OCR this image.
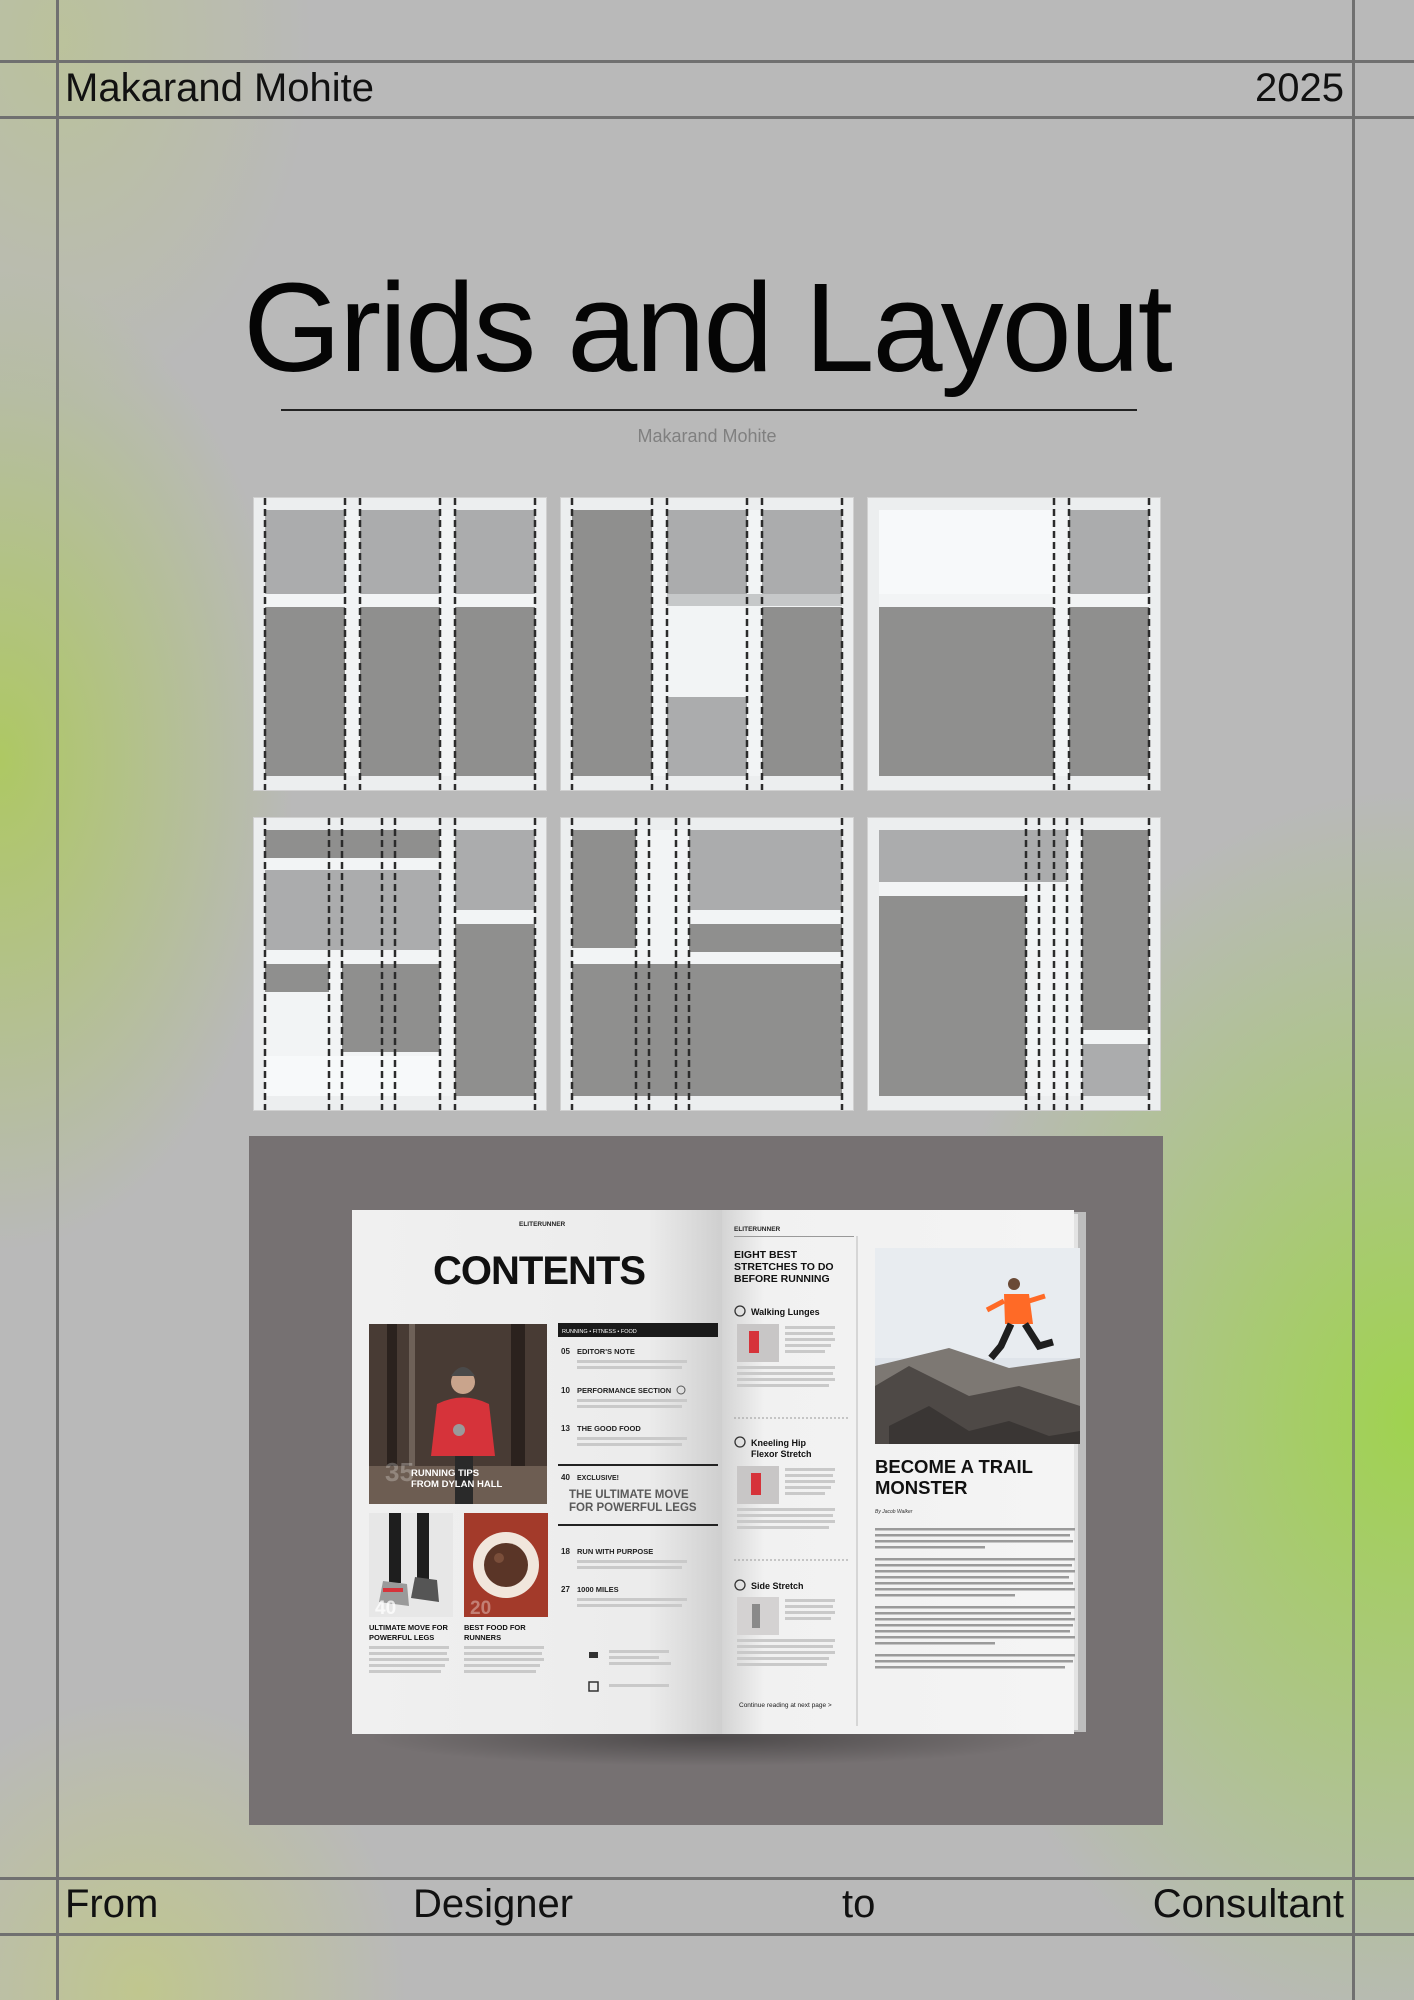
Makarand Mohite	2025
Grids and Layout
Makarand Mohite
ELITERUNNER
CONTENTS
35
RUNNING TIPS
FROM DYLAN HALL
RUNNING • FITNESS • FOOD
05 EDITOR'S NOTE
10 PERFORMANCE SECTION
13 THE GOOD FOOD
40 EXCLUSIVE!
THE ULTIMATE MOVE
FOR POWERFUL LEGS
18 RUN WITH PURPOSE
27 1000 MILES
40	20
ULTIMATE MOVE FOR
POWERFUL LEGS
BEST FOOD FOR
RUNNERS
ELITERUNNER
EIGHT BEST
STRETCHES TO DO
BEFORE RUNNING
Walking Lunges
Kneeling Hip
Flexor Stretch
Side Stretch
Continue reading at next page >
BECOME A TRAIL
MONSTER
By Jacob Walker
From	Designer	to	Consultant
